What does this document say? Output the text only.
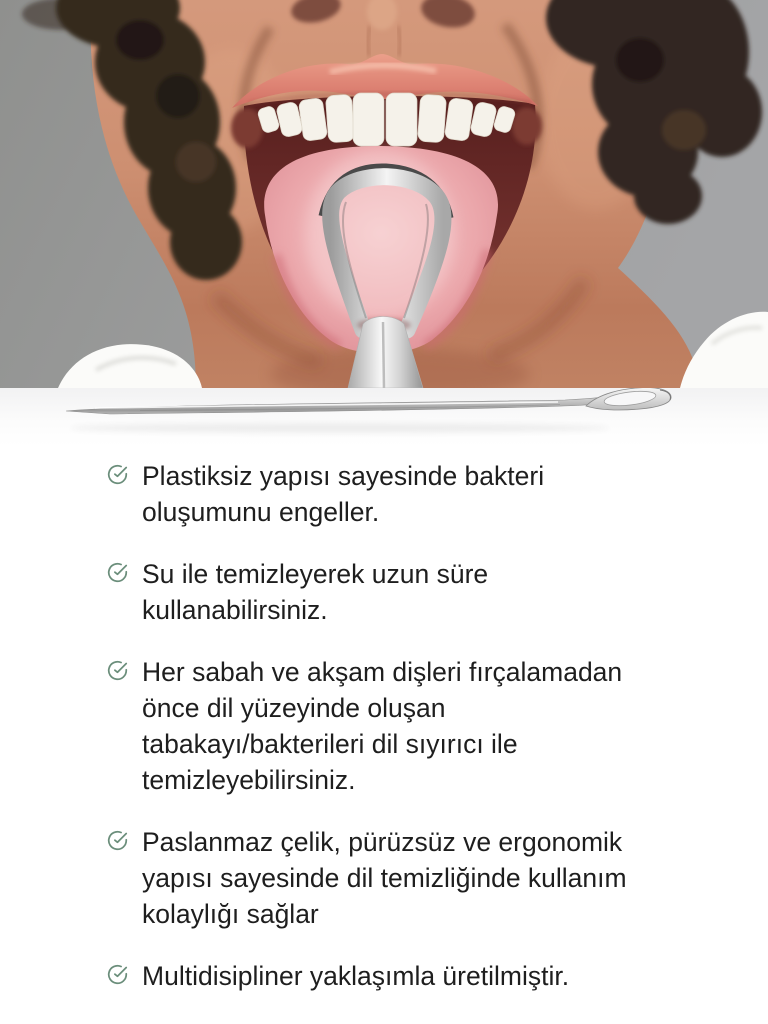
Plastiksiz yapısı sayesinde bakteri oluşumunu engeller.
Su ile temizleyerek uzun süre kullanabilirsiniz.
Her sabah ve akşam dişleri fırçalamadan önce dil yüzeyinde oluşan tabakayı⁠/⁠bakterileri dil sıyırıcı ile temizleyebilirsiniz.
Paslanmaz çelik, pürüzsüz ve ergonomik yapısı sayesinde dil temizliğinde kullanım kolaylığı sağlar
Multidisipliner yaklaşımla üretilmiştir.
